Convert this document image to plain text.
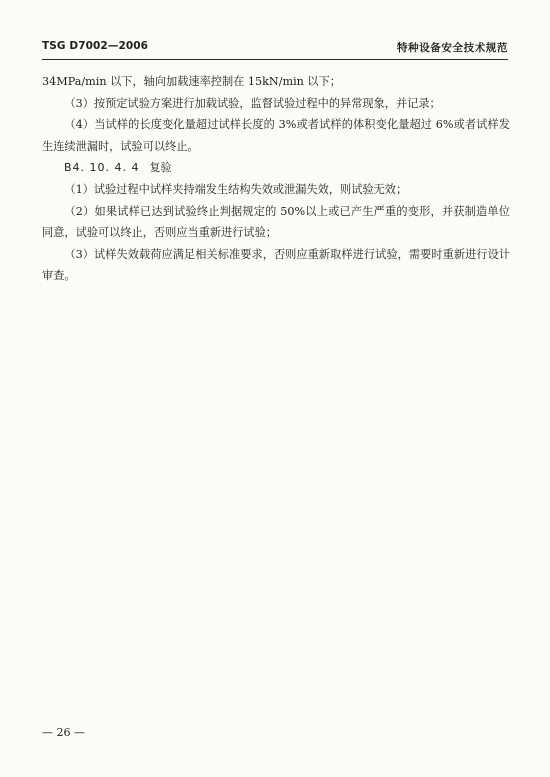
TSG D7002—2006	特种设备安全技术规范

34MPa/min 以下，轴向加载速率控制在 15kN/min 以下；

（3）按预定试验方案进行加载试验，监督试验过程中的异常现象，并记录；

（4）当试样的长度变化量超过试样长度的 3%或者试样的体积变化量超过 6%或者试样发生连续泄漏时，试验可以终止。

B4. 10. 4. 4 复验

（1）试验过程中试样夹持端发生结构失效或泄漏失效，则试验无效；

（2）如果试样已达到试验终止判据规定的 50%以上或已产生严重的变形，并获制造单位同意，试验可以终止，否则应当重新进行试验；

（3）试样失效载荷应满足相关标准要求，否则应重新取样进行试验，需要时重新进行设计审查。

— 26 —
